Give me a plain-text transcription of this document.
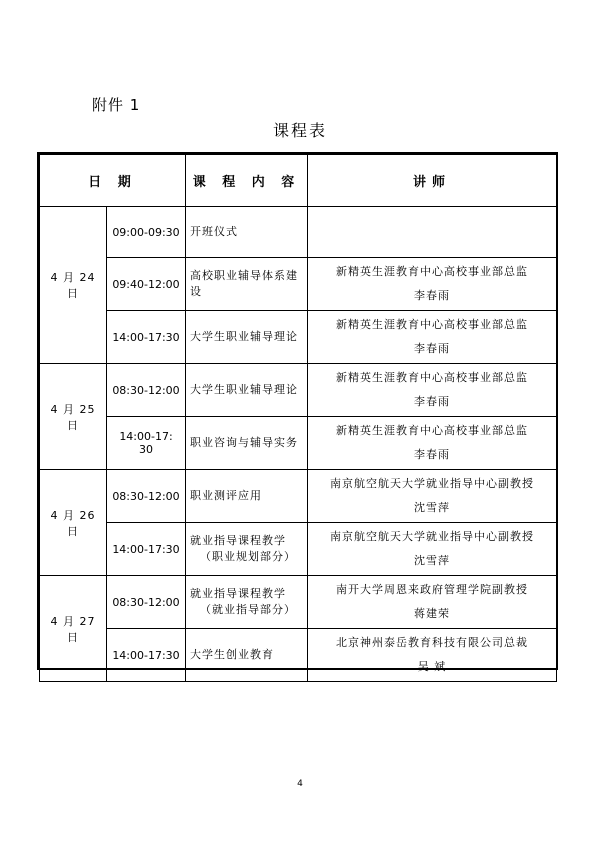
附件 1
课程表
日 期		课 程 内 容	讲师
4 月 24 日	09:00-09:30	开班仪式	

	09:40-12:00	高校职业辅导体系建
设	新精英生涯教育中心高校事业部总监
李春雨

	14:00-17:30	大学生职业辅导理论	新精英生涯教育中心高校事业部总监
李春雨

4 月 25 日	08:30-12:00	大学生职业辅导理论	新精英生涯教育中心高校事业部总监
李春雨

	14:00-17: 30	职业咨询与辅导实务	新精英生涯教育中心高校事业部总监
李春雨

4 月 26 日	08:30-12:00	职业测评应用	南京航空航天大学就业指导中心副教授
沈雪萍

	14:00-17:30	就业指导课程教学
（职业规划部分）	南京航空航天大学就业指导中心副教授
沈雪萍

4 月 27 日	08:30-12:00	就业指导课程教学
（就业指导部分）	南开大学周恩来政府管理学院副教授
蒋建荣

	14:00-17:30	大学生创业教育	北京神州泰岳教育科技有限公司总裁
吴 斌
4
